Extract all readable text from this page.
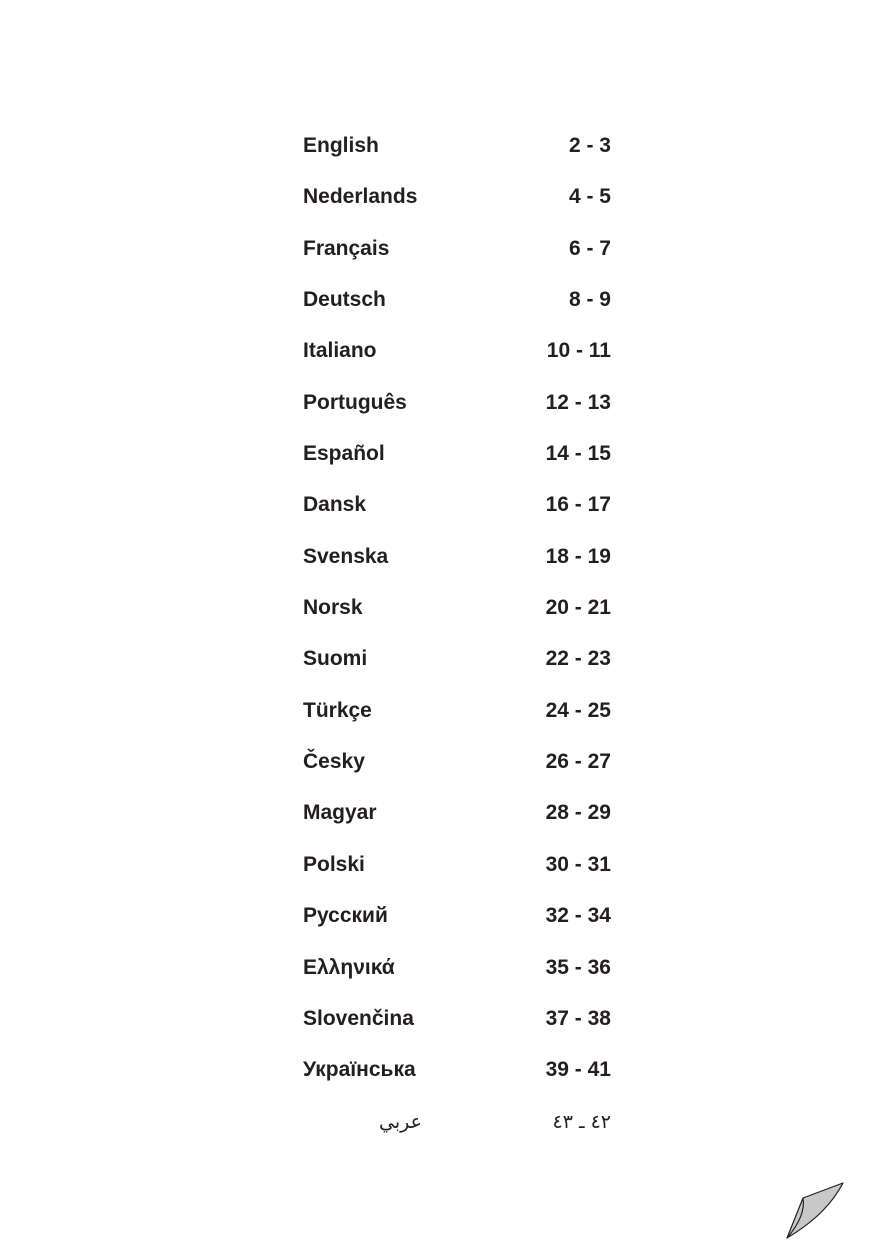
English	2 - 3
Nederlands	4 - 5
Français	6 - 7
Deutsch	8 - 9
Italiano	10 - 11
Português	12 - 13
Español	14 - 15
Dansk	16 - 17
Svenska	18 - 19
Norsk	20 - 21
Suomi	22 - 23
Türkçe	24 - 25
Česky	26 - 27
Magyar	28 - 29
Polski	30 - 31
Русский	32 - 34
Ελληνικά	35 - 36
Slovenčina	37 - 38
Українська	39 - 41
عربي	٤٢ ـ ٤٣
